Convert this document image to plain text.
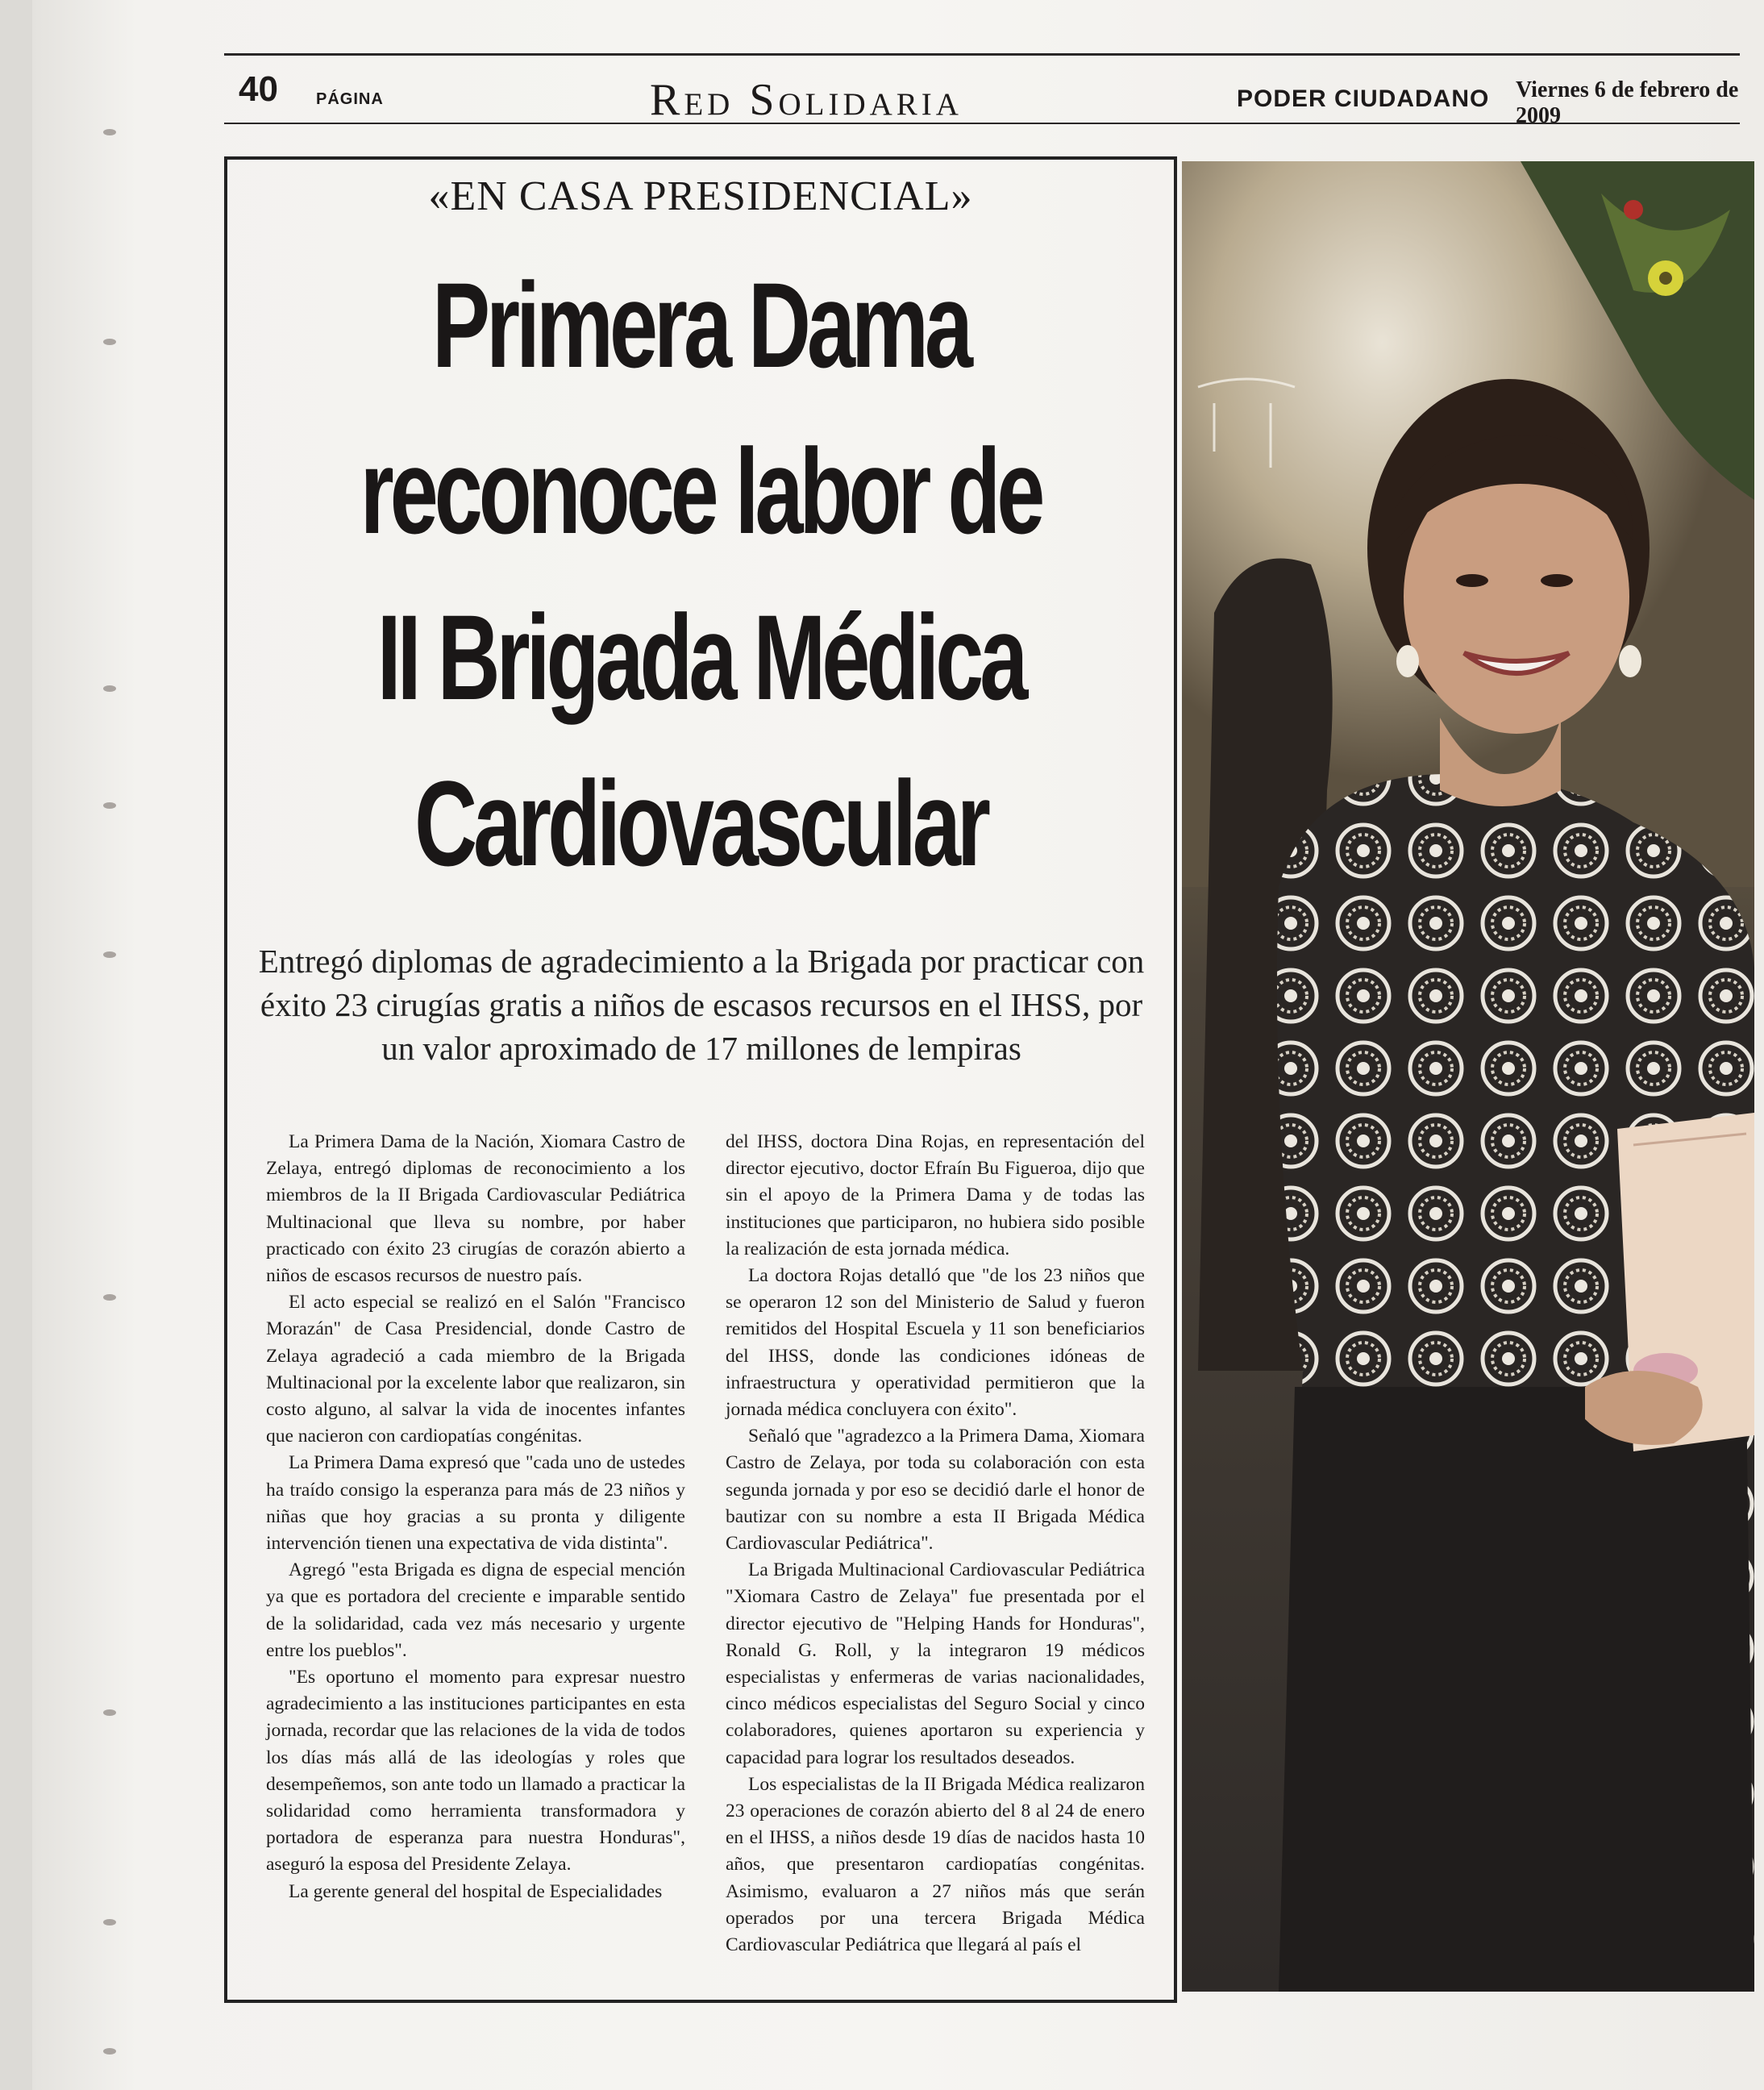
40 PÁGINA	Red Solidaria	PODER CIUDADANO Viernes 6 de febrero de 2009
«EN CASA PRESIDENCIAL»
Primera Dama
reconoce labor de
II Brigada Médica
Cardiovascular
Entregó diplomas de agradecimiento a la Brigada por practicar con éxito 23 cirugías gratis a niños de escasos recursos en el IHSS, por un valor aproximado de 17 millones de lempiras

La Primera Dama de la Nación, Xiomara Castro de Zelaya, entregó diplomas de reconocimiento a los miembros de la II Brigada Cardiovascular Pediátrica Multinacional que lleva su nombre, por haber practicado con éxito 23 cirugías de corazón abierto a niños de escasos recursos de nuestro país.

El acto especial se realizó en el Salón "Francisco Morazán" de Casa Presidencial, donde Castro de Zelaya agradeció a cada miembro de la Brigada Multinacional por la excelente labor que realizaron, sin costo alguno, al salvar la vida de inocentes infantes que nacieron con cardiopatías congénitas.

La Primera Dama expresó que "cada uno de ustedes ha traído consigo la esperanza para más de 23 niños y niñas que hoy gracias a su pronta y diligente intervención tienen una expectativa de vida distinta".

Agregó "esta Brigada es digna de especial mención ya que es portadora del creciente e imparable sentido de la solidaridad, cada vez más necesario y urgente entre los pueblos".

"Es oportuno el momento para expresar nuestro agradecimiento a las instituciones participantes en esta jornada, recordar que las relaciones de la vida de todos los días más allá de las ideologías y roles que desempeñemos, son ante todo un llamado a practicar la solidaridad como herramienta transformadora y portadora de esperanza para nuestra Honduras", aseguró la esposa del Presidente Zelaya.

La gerente general del hospital de Especialidades

del IHSS, doctora Dina Rojas, en representación del director ejecutivo, doctor Efraín Bu Figueroa, dijo que sin el apoyo de la Primera Dama y de todas las instituciones que participaron, no hubiera sido posible la realización de esta jornada médica.

La doctora Rojas detalló que "de los 23 niños que se operaron 12 son del Ministerio de Salud y fueron remitidos del Hospital Escuela y 11 son beneficiarios del IHSS, donde las condiciones idóneas de infraestructura y operatividad permitieron que la jornada médica concluyera con éxito".

Señaló que "agradezco a la Primera Dama, Xiomara Castro de Zelaya, por toda su colaboración con esta segunda jornada y por eso se decidió darle el honor de bautizar con su nombre a esta II Brigada Médica Cardiovascular Pediátrica".

La Brigada Multinacional Cardiovascular Pediátrica "Xiomara Castro de Zelaya" fue presentada por el director ejecutivo de "Helping Hands for Honduras", Ronald G. Roll, y la integraron 19 médicos especialistas y enfermeras de varias nacionalidades, cinco médicos especialistas del Seguro Social y cinco colaboradores, quienes aportaron su experiencia y capacidad para lograr los resultados deseados.

Los especialistas de la II Brigada Médica realizaron 23 operaciones de corazón abierto del 8 al 24 de enero en el IHSS, a niños desde 19 días de nacidos hasta 10 años, que presentaron cardiopatías congénitas. Asimismo, evaluaron a 27 niños más que serán operados por una tercera Brigada Médica Cardiovascular Pediátrica que llegará al país el
